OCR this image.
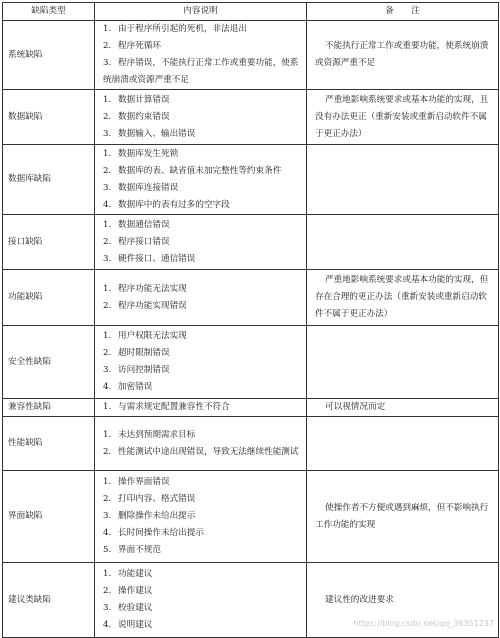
缺陷类型	内容说明	备　　注
系统缺陷	1. 由于程序所引起的死机，非法退出
2. 程序死循环
3. 程序错误，不能执行正常工作或重要功能，使系统崩溃或资源严重不足	不能执行正常工作或重要功能，使系统崩溃或资源严重不足

数据缺陷	1. 数据计算错误
2. 数据约束错误
3. 数据输入、输出错误	严重地影响系统要求或基本功能的实现，且没有办法更正（重新安装或重新启动软件不属于更正办法）

数据库缺陷	1. 数据库发生死锁
2. 数据库的表、缺省值未加完整性等约束条件
3. 数据库连接错误
4. 数据库中的表有过多的空字段	

接口缺陷	1. 数据通信错误
2. 程序接口错误
3. 硬件接口、通信错误	

功能缺陷	1. 程序功能无法实现
2. 程序功能实现错误	严重地影响系统要求或基本功能的实现，但存在合理的更正办法（重新安装或重新启动软件不属于更正办法）

安全性缺陷	1. 用户权限无法实现
2. 超时限制错误
3. 访问控制错误
4. 加密错误	

兼容性缺陷	1. 与需求规定配置兼容性不符合	可以视情况而定

性能缺陷	1. 未达到预期需求目标
2. 性能测试中途出现错误，导致无法继续性能测试	

界面缺陷	1. 操作界面错误
2. 打印内容、格式错误
3. 删除操作未给出提示
4. 长时间操作未给出提示
5. 界面不规范	使操作者不方便或遇到麻烦，但不影响执行工作功能的实现

建议类缺陷	1. 功能建议
2. 操作建议
3. 校验建议
4. 说明建议	建议性的改进要求
https://blog.csdn.net/qq_36351237
